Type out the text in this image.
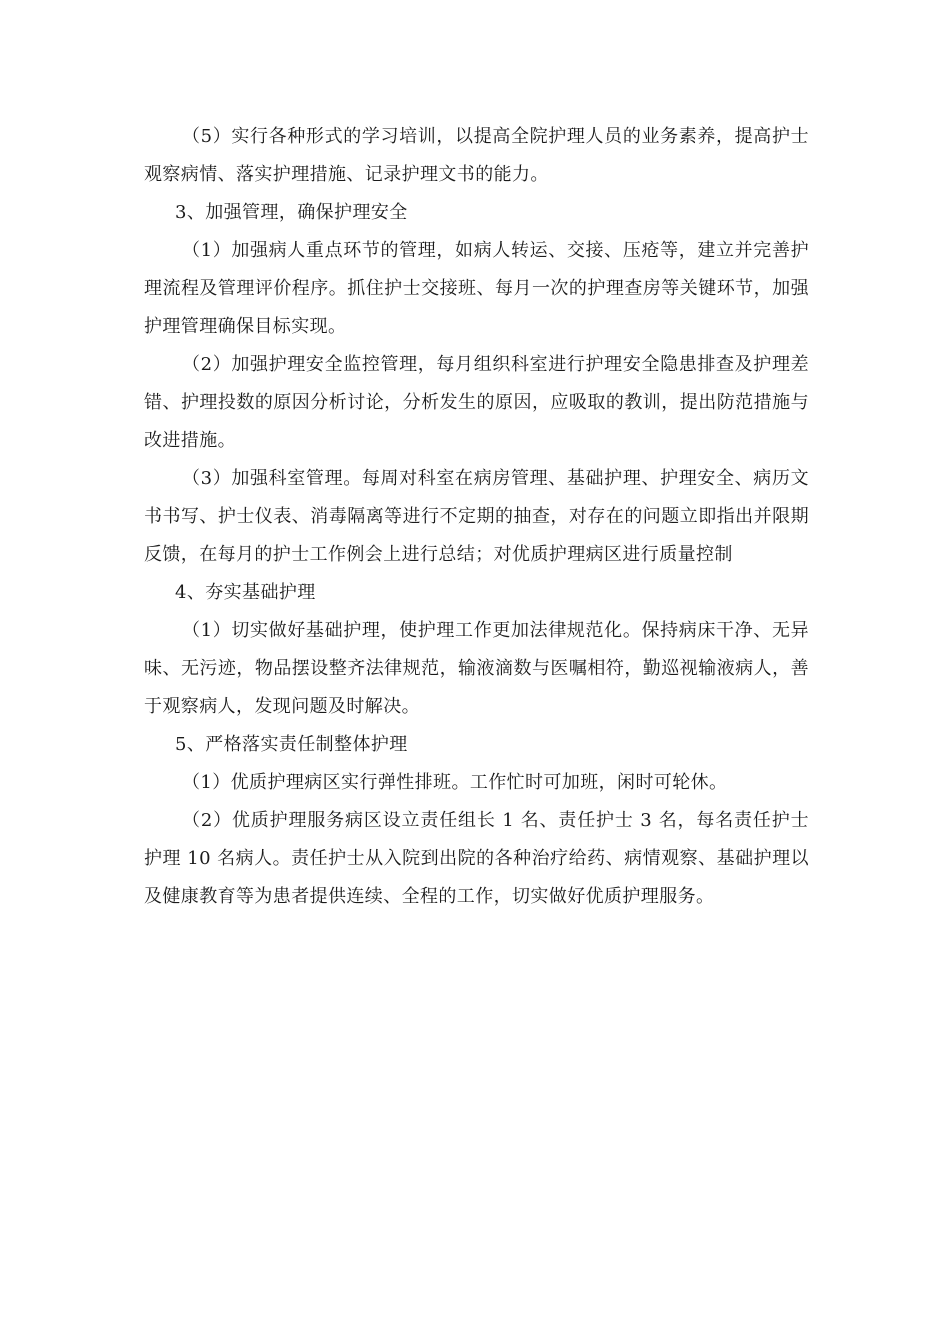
（5）实行各种形式的学习培训，以提高全院护理人员的业务素养，提高护士观察病情、落实护理措施、记录护理文书的能力。

3、加强管理，确保护理安全

（1）加强病人重点环节的管理，如病人转运、交接、压疮等，建立并完善护理流程及管理评价程序。抓住护士交接班、每月一次的护理查房等关键环节，加强护理管理确保目标实现。

（2）加强护理安全监控管理，每月组织科室进行护理安全隐患排查及护理差错、护理投数的原因分析讨论，分析发生的原因，应吸取的教训，提出防范措施与改进措施。

（3）加强科室管理。每周对科室在病房管理、基础护理、护理安全、病历文书书写、护士仪表、消毒隔离等进行不定期的抽查，对存在的问题立即指出并限期反馈，在每月的护士工作例会上进行总结；对优质护理病区进行质量控制

4、夯实基础护理

（1）切实做好基础护理，使护理工作更加法律规范化。保持病床干净、无异味、无污迹，物品摆设整齐法律规范，输液滴数与医嘱相符，勤巡视输液病人，善于观察病人，发现问题及时解决。

5、严格落实责任制整体护理

（1）优质护理病区实行弹性排班。工作忙时可加班，闲时可轮休。

（2）优质护理服务病区设立责任组长 1 名、责任护士 3 名，每名责任护士护理 10 名病人。责任护士从入院到出院的各种治疗给药、病情观察、基础护理以及健康教育等为患者提供连续、全程的工作，切实做好优质护理服务。
